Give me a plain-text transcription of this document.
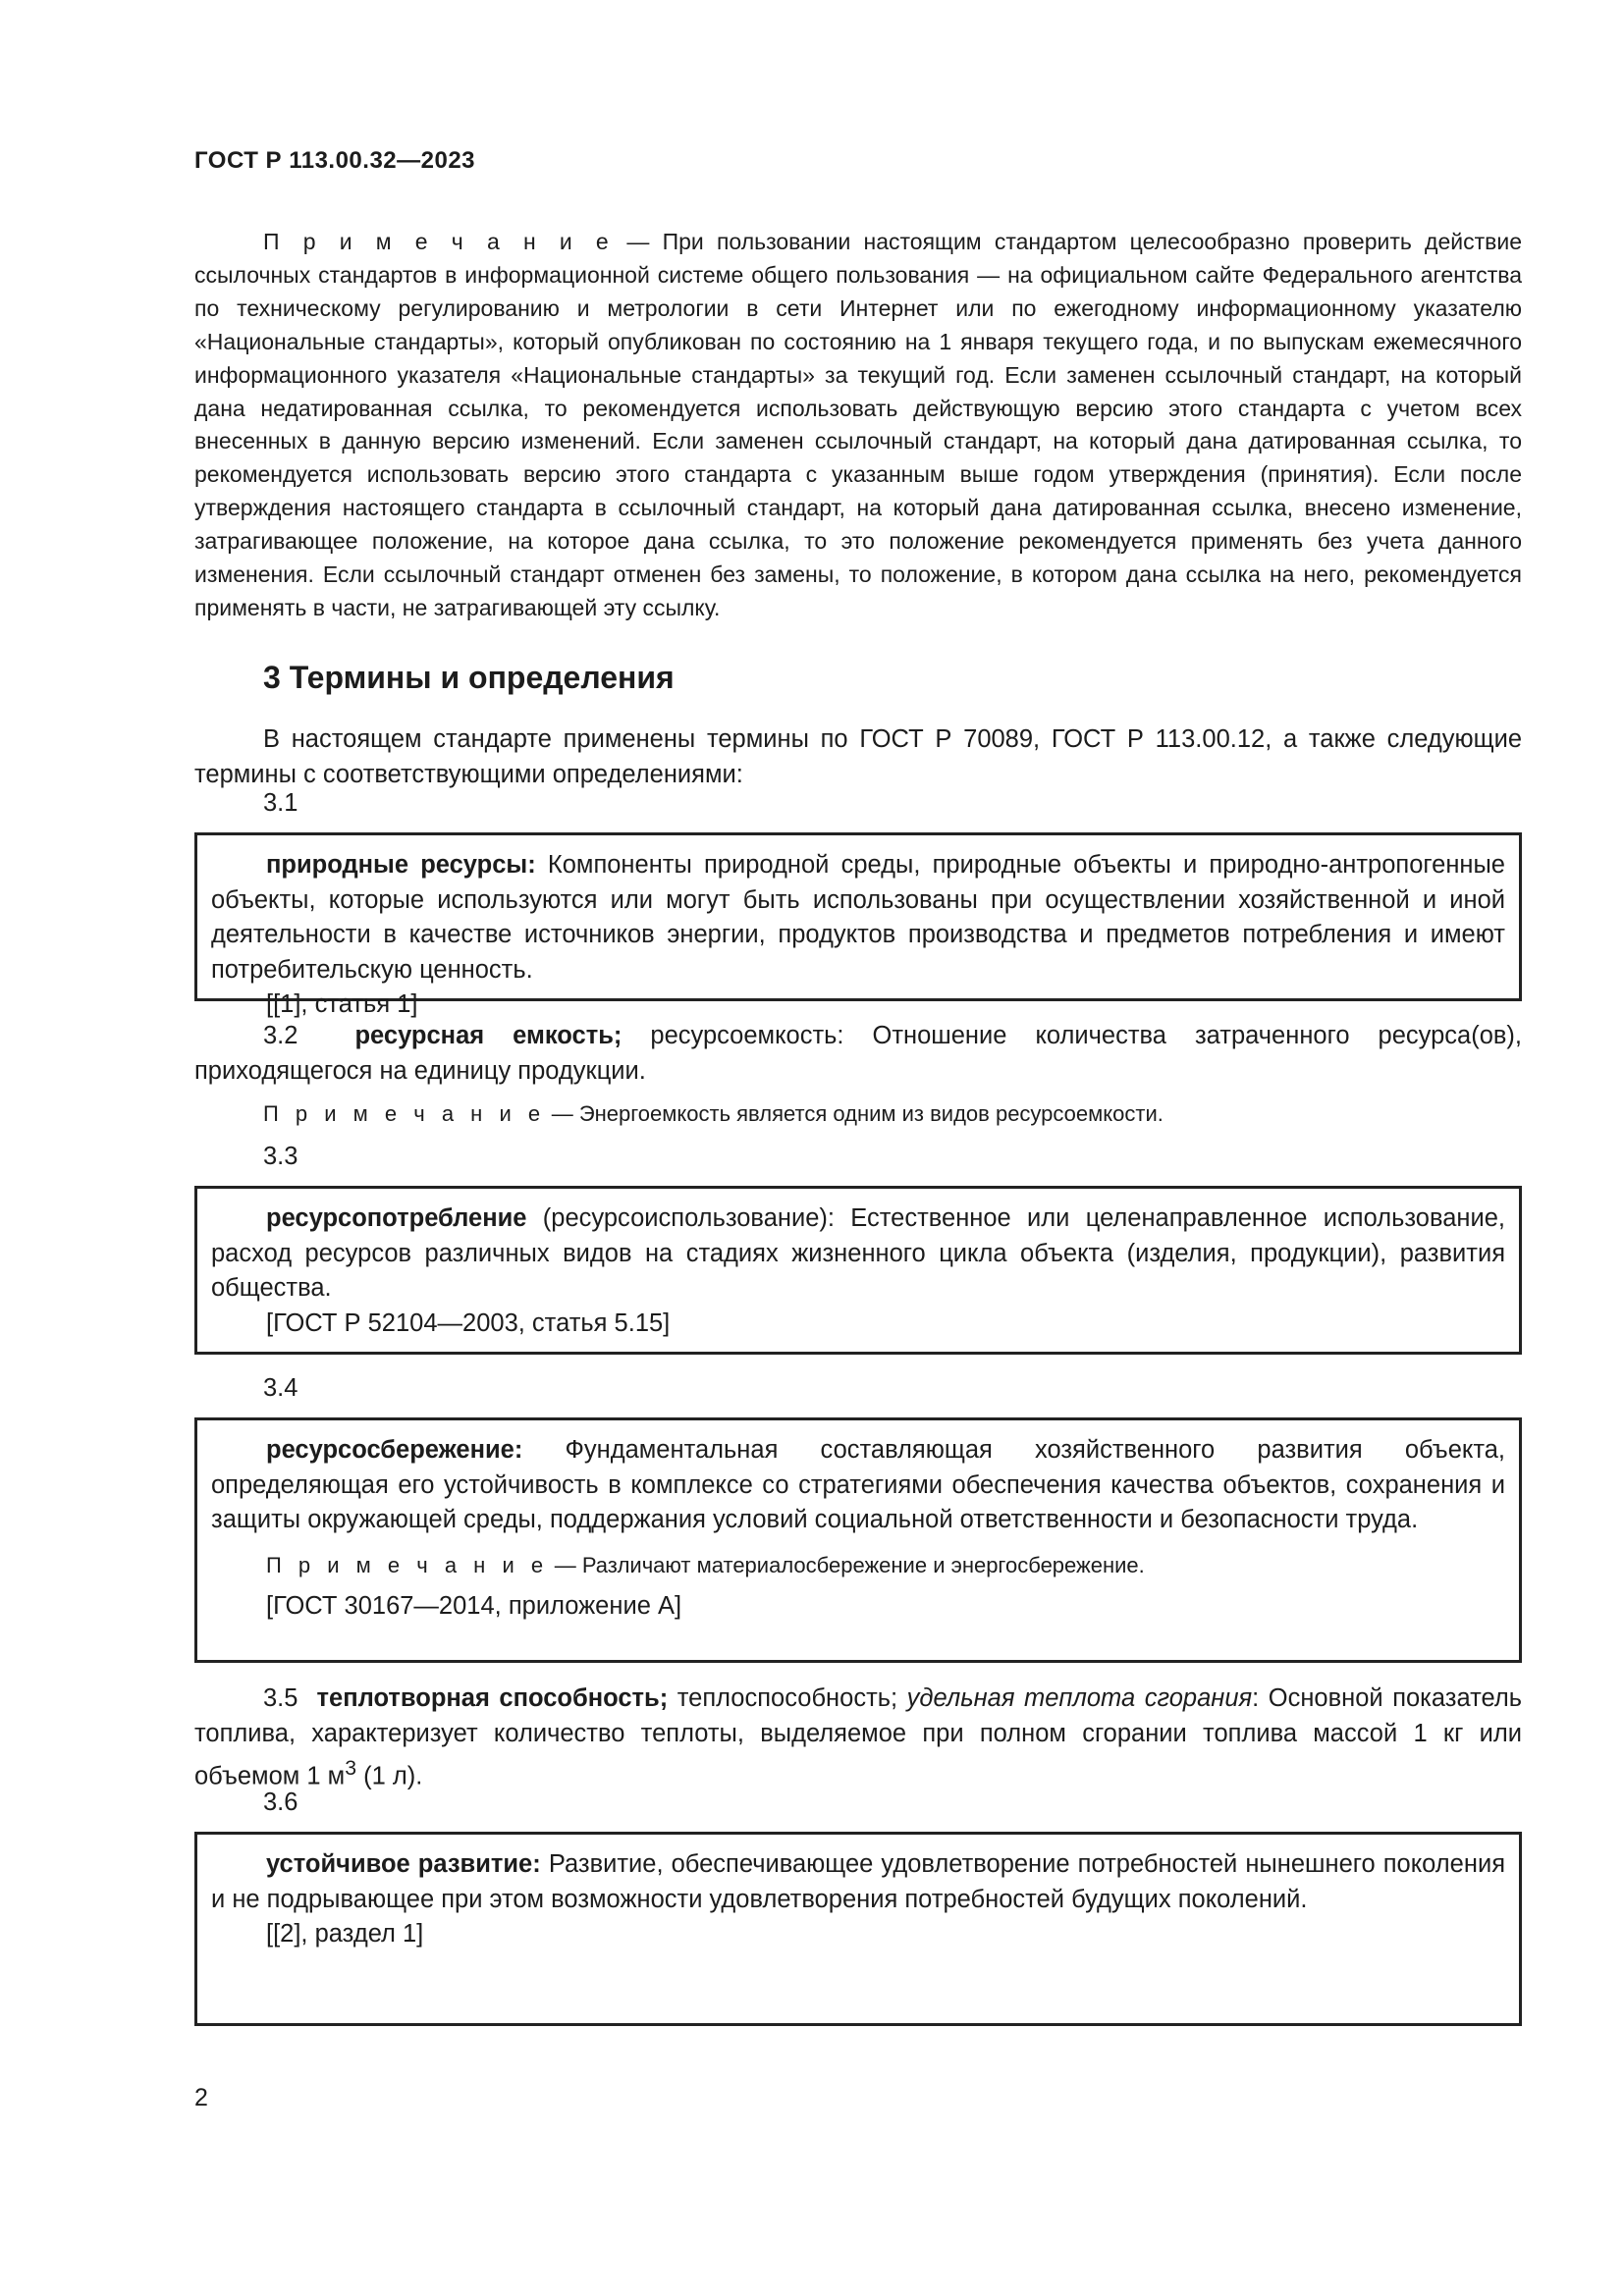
ГОСТ Р 113.00.32—2023

П р и м е ч а н и е — При пользовании настоящим стандартом целесообразно проверить действие ссылочных стандартов в информационной системе общего пользования — на официальном сайте Федерального агентства по техническому регулированию и метрологии в сети Интернет или по ежегодному информационному указателю «Национальные стандарты», который опубликован по состоянию на 1 января текущего года, и по выпускам ежемесячного информационного указателя «Национальные стандарты» за текущий год. Если заменен ссылочный стандарт, на который дана недатированная ссылка, то рекомендуется использовать действующую версию этого стандарта с учетом всех внесенных в данную версию изменений. Если заменен ссылочный стандарт, на который дана датированная ссылка, то рекомендуется использовать версию этого стандарта с указанным выше годом утверждения (принятия). Если после утверждения настоящего стандарта в ссылочный стандарт, на который дана датированная ссылка, внесено изменение, затрагивающее положение, на которое дана ссылка, то это положение рекомендуется применять без учета данного изменения. Если ссылочный стандарт отменен без замены, то положение, в котором дана ссылка на него, рекомендуется применять в части, не затрагивающей эту ссылку.

3 Термины и определения

В настоящем стандарте применены термины по ГОСТ Р 70089, ГОСТ Р 113.00.12, а также следующие термины с соответствующими определениями:

3.1

природные ресурсы: Компоненты природной среды, природные объекты и природно-антропогенные объекты, которые используются или могут быть использованы при осуществлении хозяйственной и иной деятельности в качестве источников энергии, продуктов производства и предметов потребления и имеют потребительскую ценность.

[[1], статья 1]

3.2 ресурсная емкость; ресурсоемкость: Отношение количества затраченного ресурса(ов), приходящегося на единицу продукции.

П р и м е ч а н и е — Энергоемкость является одним из видов ресурсоемкости.
3.3

ресурсопотребление (ресурсоиспользование): Естественное или целенаправленное использование, расход ресурсов различных видов на стадиях жизненного цикла объекта (изделия, продукции), развития общества.

[ГОСТ Р 52104—2003, статья 5.15]

3.4

ресурсосбережение: Фундаментальная составляющая хозяйственного развития объекта, определяющая его устойчивость в комплексе со стратегиями обеспечения качества объектов, сохранения и защиты окружающей среды, поддержания условий социальной ответственности и безопасности труда.

П р и м е ч а н и е — Различают материалосбережение и энергосбережение.

[ГОСТ 30167—2014, приложение А]

3.5 теплотворная способность; теплоспособность; удельная теплота сгорания: Основной показатель топлива, характеризует количество теплоты, выделяемое при полном сгорании топлива массой 1 кг или объемом 1 $м^3$ (1 л).

3.6

устойчивое развитие: Развитие, обеспечивающее удовлетворение потребностей нынешнего поколения и не подрывающее при этом возможности удовлетворения потребностей будущих поколений.

[[2], раздел 1]

2
